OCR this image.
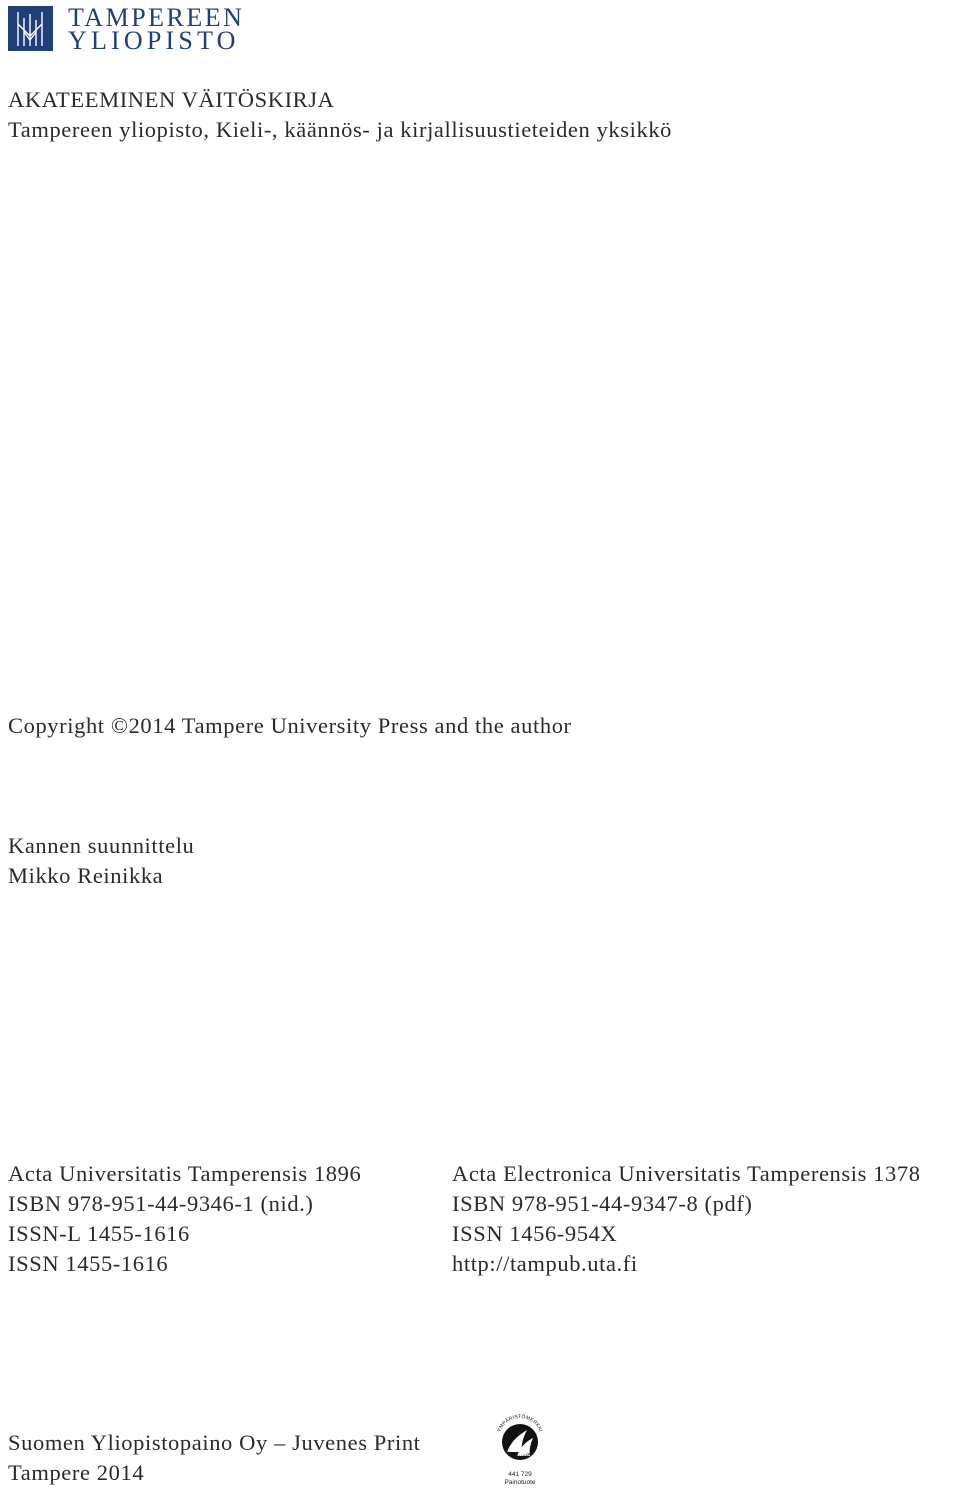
TAMPEREEN
YLIOPISTO
AKATEEMINEN VÄITÖSKIRJA
Tampereen yliopisto, Kieli-, käännös- ja kirjallisuustieteiden yksikkö
Copyright ©2014 Tampere University Press and the author
Kannen suunnittelu
Mikko Reinikka
Acta Universitatis Tamperensis 1896
ISBN 978-951-44-9346-1 (nid.)
ISSN-L 1455-1616
ISSN 1455-1616
Acta Electronica Universitatis Tamperensis 1378
ISBN 978-951-44-9347-8 (pdf)
ISSN 1456-954X
http://tampub.uta.fi
Suomen Yliopistopaino Oy – Juvenes Print
Tampere 2014
YMPÄRISTÖMERKKI
MILJÖMÄRKT
441 729
Painotuote
